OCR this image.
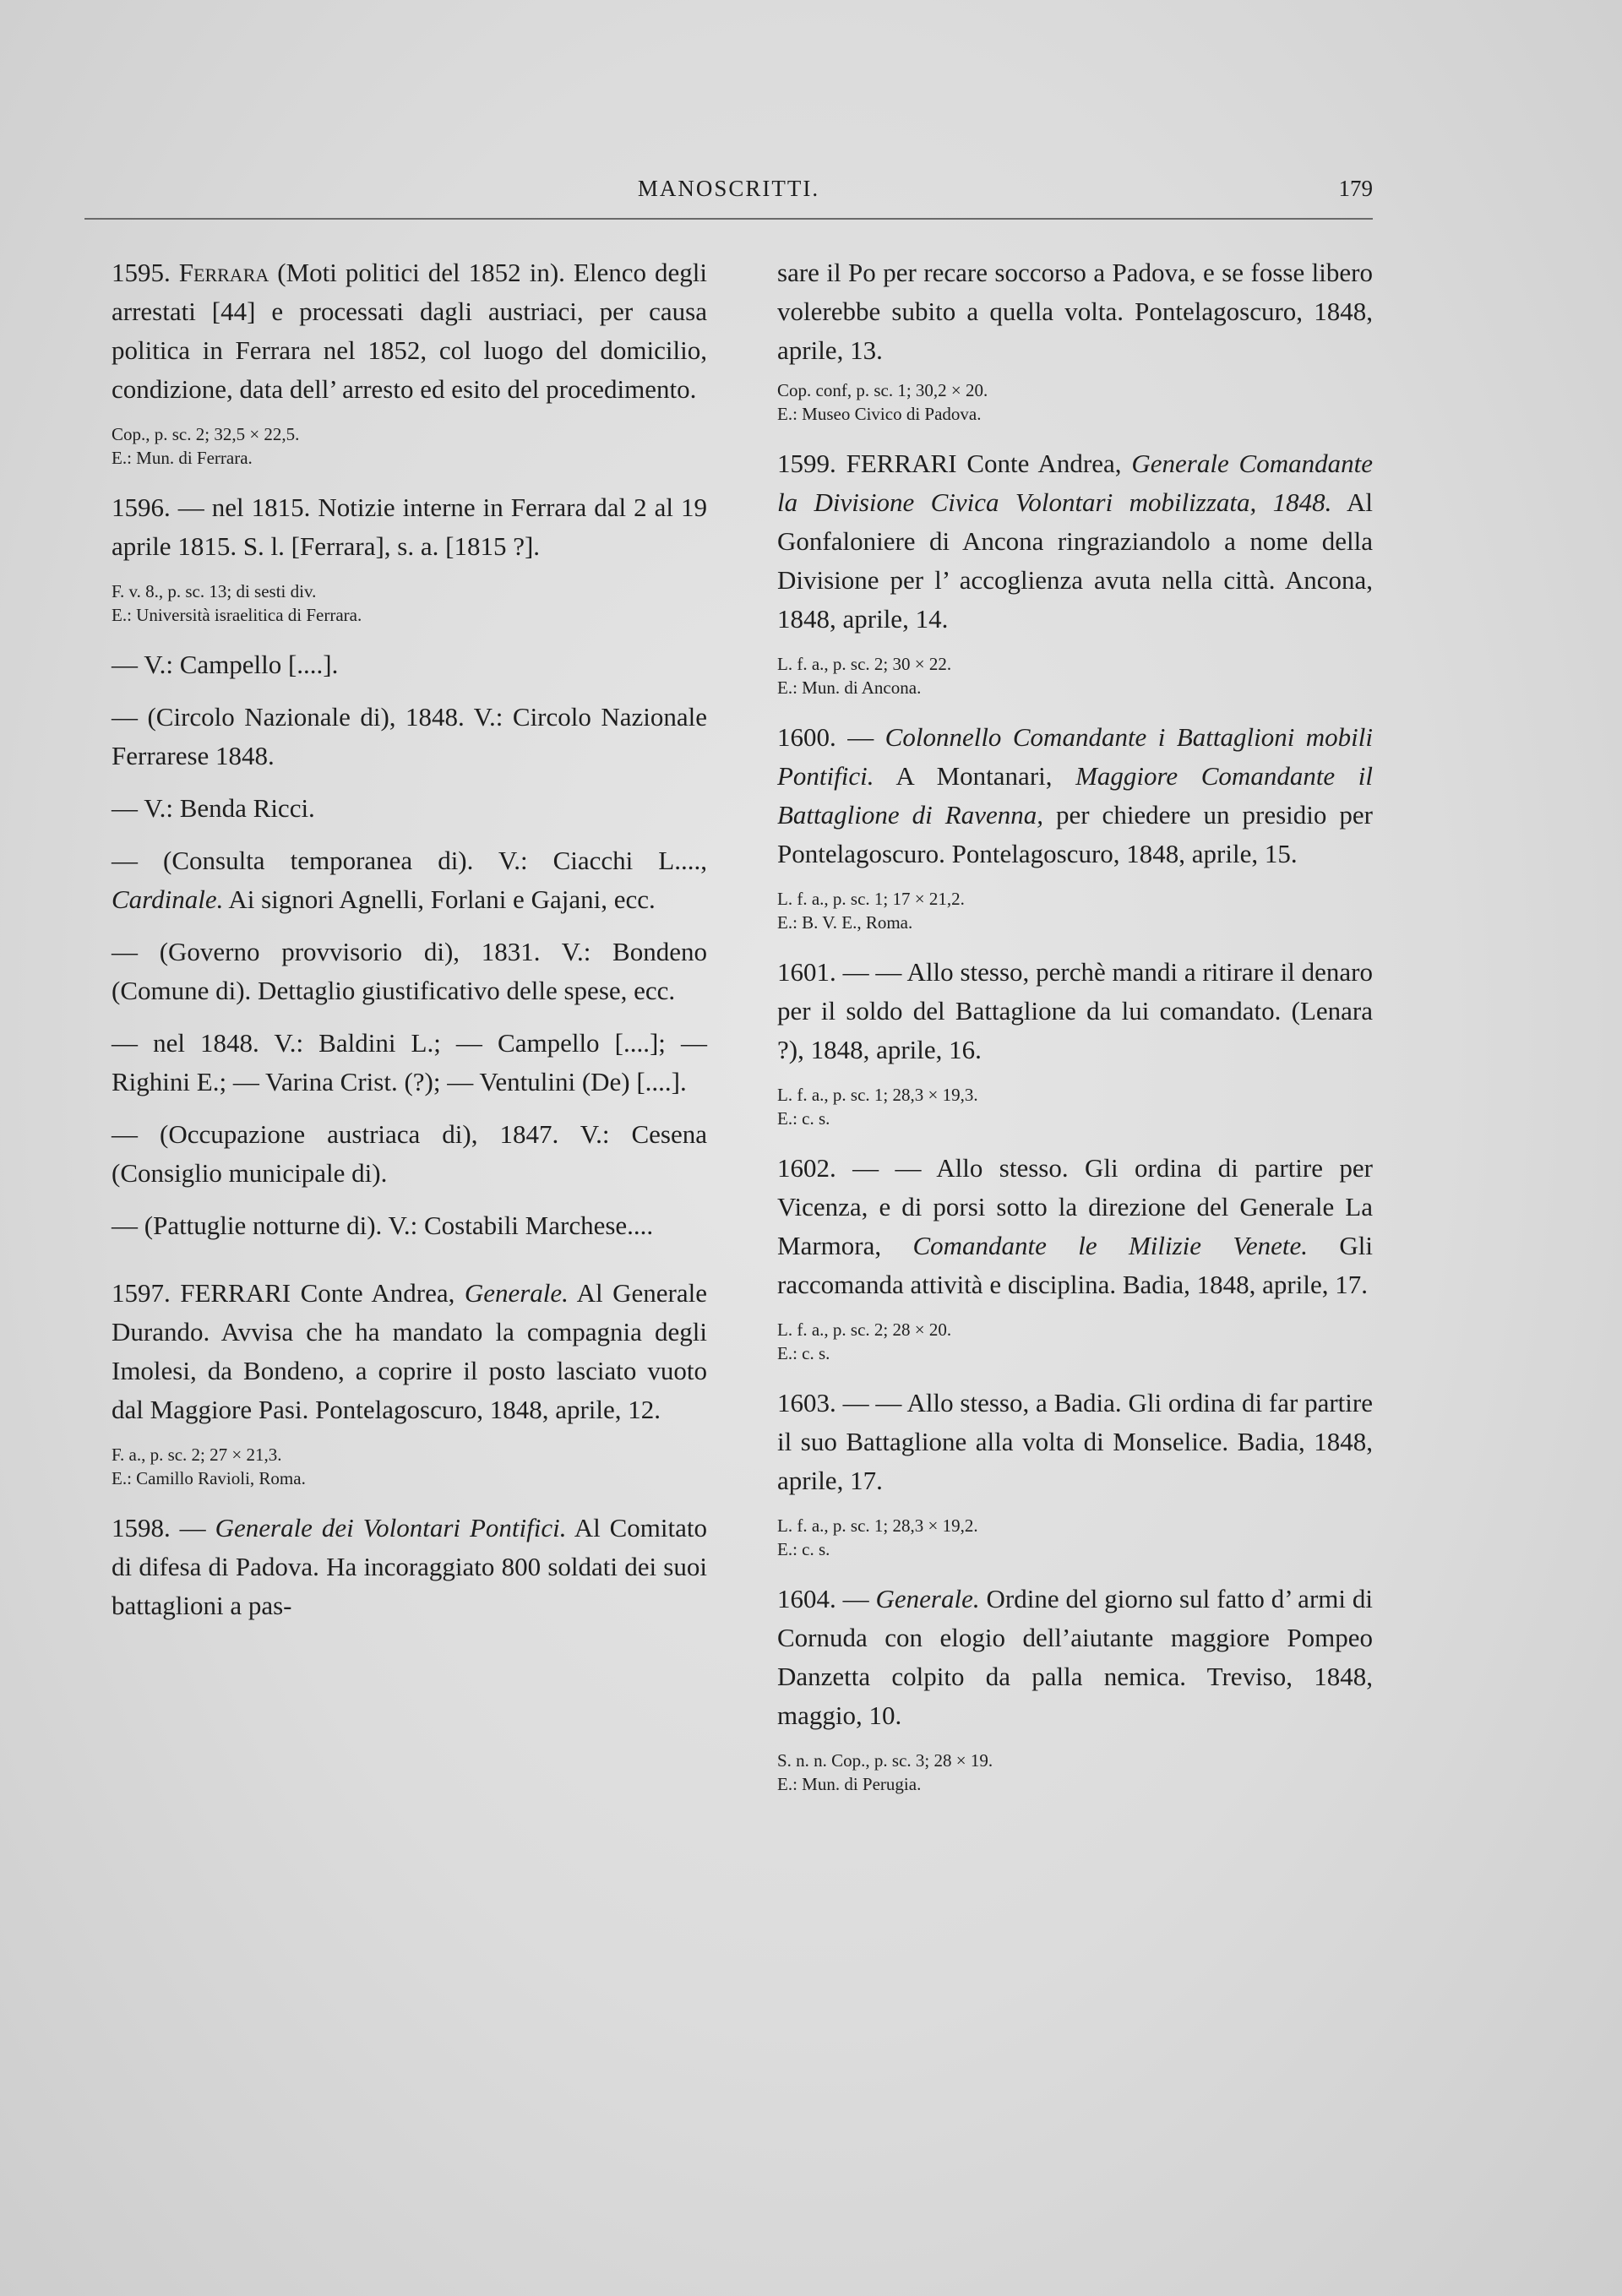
MANOSCRITTI.	179
1595. Ferrara (Moti politici del 1852 in). Elenco degli arrestati [44] e processati dagli austriaci, per causa politica in Ferrara nel 1852, col luogo del domicilio, condizione, data dell’ arresto ed esito del procedimento.
Cop., p. sc. 2; 32,5 × 22,5.
E.: Mun. di Ferrara.
1596. — nel 1815. Notizie interne in Ferrara dal 2 al 19 aprile 1815. S. l. [Ferrara], s. a. [1815 ?].
F. v. 8., p. sc. 13; di sesti div.
E.: Università israelitica di Ferrara.
— V.: Campello [....].
— (Circolo Nazionale di), 1848. V.: Circolo Nazionale Ferrarese 1848.
— V.: Benda Ricci.
— (Consulta temporanea di). V.: Ciacchi L...., Cardinale. Ai signori Agnelli, Forlani e Gajani, ecc.
— (Governo provvisorio di), 1831. V.: Bondeno (Comune di). Dettaglio giustificativo delle spese, ecc.
— nel 1848. V.: Baldini L.; — Campello [....]; — Righini E.; — Varina Crist. (?); — Ventulini (De) [....].
— (Occupazione austriaca di), 1847. V.: Cesena (Consiglio municipale di).
— (Pattuglie notturne di). V.: Costabili Marchese....
1597. FERRARI Conte Andrea, Generale. Al Generale Durando. Avvisa che ha mandato la compagnia degli Imolesi, da Bondeno, a coprire il posto lasciato vuoto dal Maggiore Pasi. Pontelagoscuro, 1848, aprile, 12.
F. a., p. sc. 2; 27 × 21,3.
E.: Camillo Ravioli, Roma.
1598. — Generale dei Volontari Pontifici. Al Comitato di difesa di Padova. Ha incoraggiato 800 soldati dei suoi battaglioni a pas-
sare il Po per recare soccorso a Padova, e se fosse libero volerebbe subito a quella volta. Pontelagoscuro, 1848, aprile, 13.
Cop. conf, p. sc. 1; 30,2 × 20.
E.: Museo Civico di Padova.
1599. FERRARI Conte Andrea, Generale Comandante la Divisione Civica Volontari mobilizzata, 1848. Al Gonfaloniere di Ancona ringraziandolo a nome della Divisione per l’ accoglienza avuta nella città. Ancona, 1848, aprile, 14.
L. f. a., p. sc. 2; 30 × 22.
E.: Mun. di Ancona.
1600. — Colonnello Comandante i Battaglioni mobili Pontifici. A Montanari, Maggiore Comandante il Battaglione di Ravenna, per chiedere un presidio per Pontelagoscuro. Pontelagoscuro, 1848, aprile, 15.
L. f. a., p. sc. 1; 17 × 21,2.
E.: B. V. E., Roma.
1601. — — Allo stesso, perchè mandi a ritirare il denaro per il soldo del Battaglione da lui comandato. (Lenara ?), 1848, aprile, 16.
L. f. a., p. sc. 1; 28,3 × 19,3.
E.: c. s.
1602. — — Allo stesso. Gli ordina di partire per Vicenza, e di porsi sotto la direzione del Generale La Marmora, Comandante le Milizie Venete. Gli raccomanda attività e disciplina. Badia, 1848, aprile, 17.
L. f. a., p. sc. 2; 28 × 20.
E.: c. s.
1603. — — Allo stesso, a Badia. Gli ordina di far partire il suo Battaglione alla volta di Monselice. Badia, 1848, aprile, 17.
L. f. a., p. sc. 1; 28,3 × 19,2.
E.: c. s.
1604. — Generale. Ordine del giorno sul fatto d’ armi di Cornuda con elogio dell’aiutante maggiore Pompeo Danzetta colpito da palla nemica. Treviso, 1848, maggio, 10.
S. n. n. Cop., p. sc. 3; 28 × 19.
E.: Mun. di Perugia.
